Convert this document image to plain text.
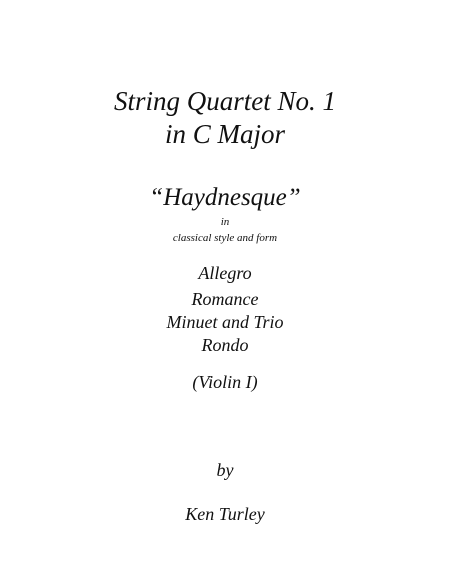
String Quartet No. 1
in C Major
“Haydnesque”
in
classical style and form
Allegro
Romance
Minuet and Trio
Rondo
(Violin I)
by
Ken Turley
